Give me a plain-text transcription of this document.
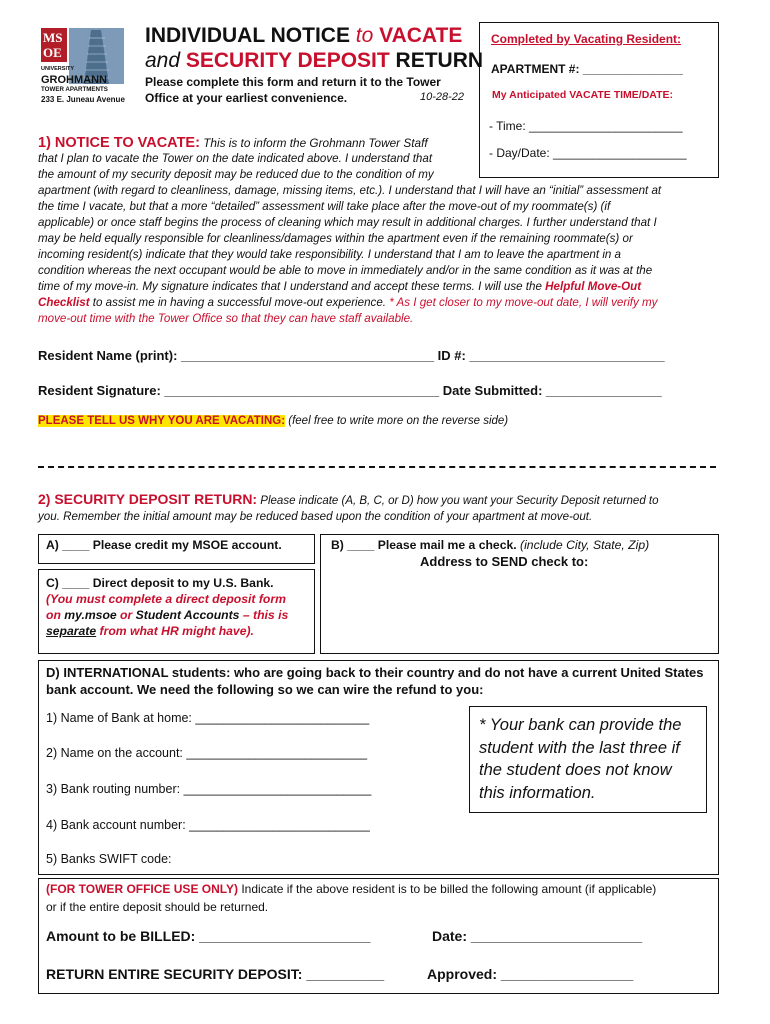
MS
OE
UNIVERSITY
GROHMANN
TOWER APARTMENTS
233 E. Juneau Avenue
INDIVIDUAL NOTICE to VACATE
and SECURITY DEPOSIT RETURN
Please complete this form and return it to the Tower Office at your earliest convenience.	10-28-22
Completed by Vacating Resident:
APARTMENT #: _______________
My Anticipated VACATE TIME/DATE:
- Time: _______________________
- Day/Date: ____________________
1) NOTICE TO VACATE: This is to inform the Grohmann Tower Staff
that I plan to vacate the Tower on the date indicated above. I understand that
the amount of my security deposit may be reduced due to the condition of my
apartment (with regard to cleanliness, damage, missing items, etc.). I understand that I will have an “initial” assessment at
the time I vacate, but that a more “detailed” assessment will take place after the move-out of my roommate(s) (if
applicable) or once staff begins the process of cleaning which may result in additional charges. I further understand that I
may be held equally responsible for cleanliness/damages within the apartment even if the remaining roommate(s) or
incoming resident(s) indicate that they would take responsibility. I understand that I am to leave the apartment in a
condition whereas the next occupant would be able to move in immediately and/or in the same condition as it was at the
time of my move-in. My signature indicates that I understand and accept these terms. I will use the Helpful Move-Out
Checklist to assist me in having a successful move-out experience. * As I get closer to my move-out date, I will verify my
move-out time with the Tower Office so that they can have staff available.
Resident Name (print): ___________________________________ ID #: ___________________________
Resident Signature: ______________________________________ Date Submitted: ________________
PLEASE TELL US WHY YOU ARE VACATING: (feel free to write more on the reverse side)
2) SECURITY DEPOSIT RETURN: Please indicate (A, B, C, or D) how you want your Security Deposit returned to
you. Remember the initial amount may be reduced based upon the condition of your apartment at move-out.
A) ____ Please credit my MSOE account.	B) ____ Please mail me a check. (include City, State, Zip)
Address to SEND check to:
C) ____ Direct deposit to my U.S. Bank.
(You must complete a direct deposit form
on my.msoe or Student Accounts – this is
separate from what HR might have).
D) INTERNATIONAL students: who are going back to their country and do not have a current United States bank account. We need the following so we can wire the refund to you:
1) Name of Bank at home: _________________________
2) Name on the account: __________________________
3) Bank routing number: ___________________________
4) Bank account number: __________________________
5) Banks SWIFT code:
* Your bank can provide the student with the last three if the student does not know this information.
(FOR TOWER OFFICE USE ONLY) Indicate if the above resident is to be billed the following amount (if applicable)
or if the entire deposit should be returned.
Amount to be BILLED: ______________________	Date: ______________________
RETURN ENTIRE SECURITY DEPOSIT: __________	Approved: _________________
